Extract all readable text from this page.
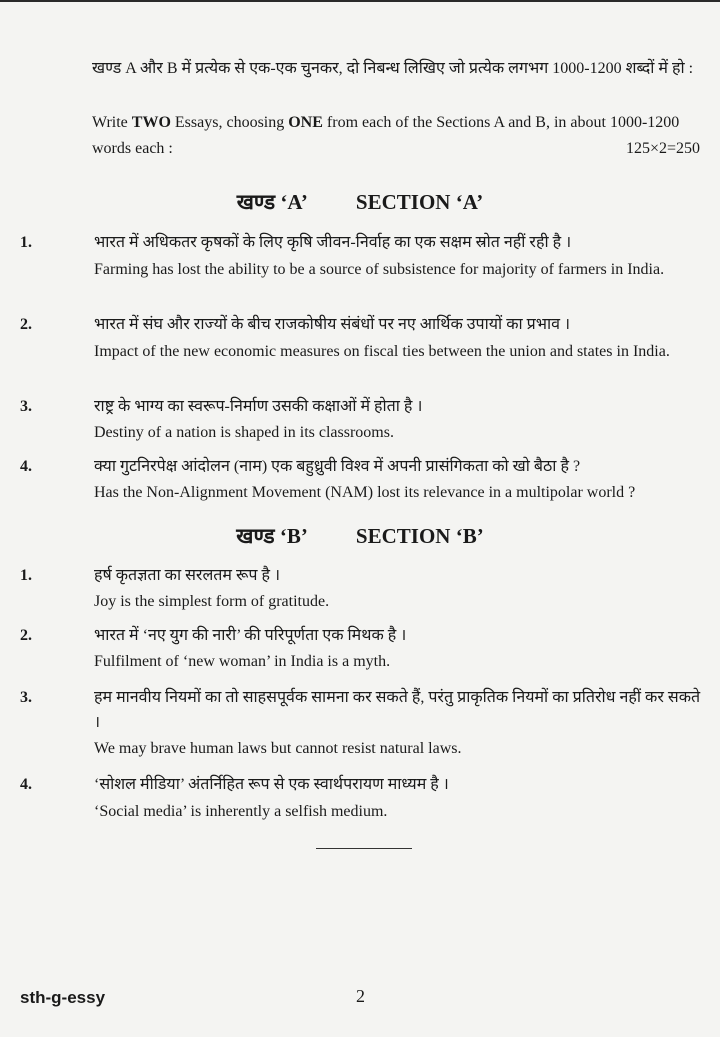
खण्ड A और B में प्रत्येक से एक-एक चुनकर, दो निबन्ध लिखिए जो प्रत्येक लगभग 1000-1200 शब्दों में हो :
Write TWO Essays, choosing ONE from each of the Sections A and B, in about 1000-1200 words each :	125×2=250
खण्ड ‘A’ SECTION ‘A’
1.	भारत में अधिकतर कृषकों के लिए कृषि जीवन-निर्वाह का एक सक्षम स्रोत नहीं रही है ।
Farming has lost the ability to be a source of subsistence for majority of farmers in India.
2.	भारत में संघ और राज्यों के बीच राजकोषीय संबंधों पर नए आर्थिक उपायों का प्रभाव ।
Impact of the new economic measures on fiscal ties between the union and states in India.
3.	राष्ट्र के भाग्य का स्वरूप-निर्माण उसकी कक्षाओं में होता है ।
Destiny of a nation is shaped in its classrooms.
4.	क्या गुटनिरपेक्ष आंदोलन (नाम) एक बहुध्रुवी विश्व में अपनी प्रासंगिकता को खो बैठा है ?
Has the Non-Alignment Movement (NAM) lost its relevance in a multipolar world ?
खण्ड ‘B’ SECTION ‘B’
1.	हर्ष कृतज्ञता का सरलतम रूप है ।
Joy is the simplest form of gratitude.
2.	भारत में ‘नए युग की नारी’ की परिपूर्णता एक मिथक है ।
Fulfilment of ‘new woman’ in India is a myth.
3.	हम मानवीय नियमों का तो साहसपूर्वक सामना कर सकते हैं, परंतु प्राकृतिक नियमों का प्रतिरोध नहीं कर सकते ।
We may brave human laws but cannot resist natural laws.
4.	‘सोशल मीडिया’ अंतर्निहित रूप से एक स्वार्थपरायण माध्यम है ।
‘Social media’ is inherently a selfish medium.
sth-g-essy	2
